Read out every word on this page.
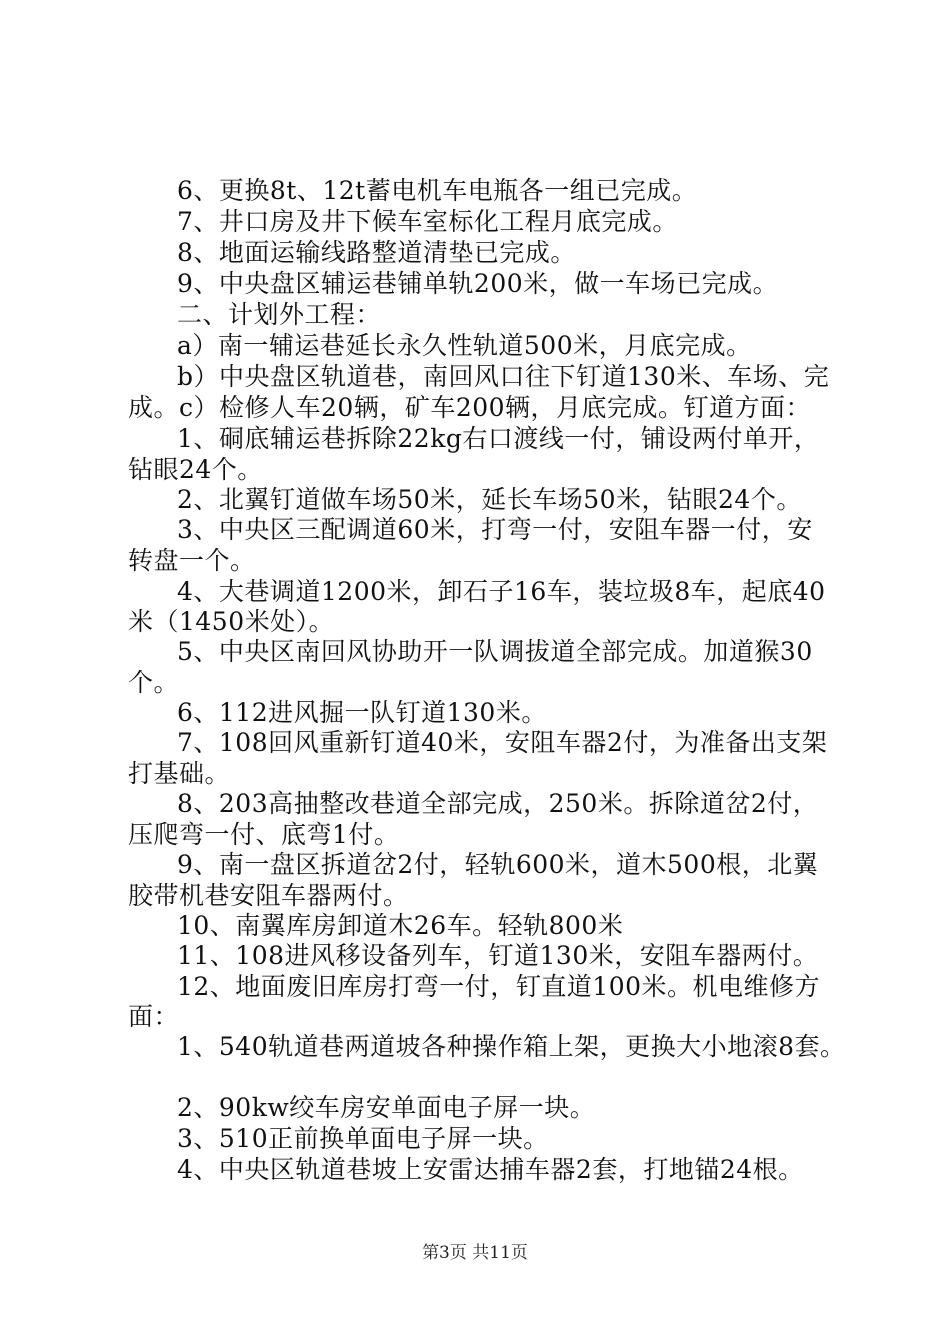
6、更换8t、12t蓄电机车电瓶各一组已完成。
7、井口房及井下候车室标化工程月底完成。
8、地面运输线路整道清垫已完成。
9、中央盘区辅运巷铺单轨200米，做一车场已完成。
二、计划外工程：
a）南一辅运巷延长永久性轨道500米，月底完成。
b）中央盘区轨道巷，南回风口往下钉道130米、车场、完
成。c）检修人车20辆，矿车200辆，月底完成。钉道方面：
1、硐底辅运巷拆除22kg右口渡线一付，铺设两付单开，
钻眼24个。
2、北翼钉道做车场50米，延长车场50米，钻眼24个。
3、中央区三配调道60米，打弯一付，安阻车器一付，安
转盘一个。
4、大巷调道1200米，卸石子16车，装垃圾8车，起底40
米（1450米处）。
5、中央区南回风协助开一队调拔道全部完成。加道猴30
个。
6、112进风掘一队钉道130米。
7、108回风重新钉道40米，安阻车器2付，为准备出支架
打基础。
8、203高抽整改巷道全部完成，250米。拆除道岔2付，
压爬弯一付、底弯1付。
9、南一盘区拆道岔2付，轻轨600米，道木500根，北翼
胶带机巷安阻车器两付。
10、南翼库房卸道木26车。轻轨800米
11、108进风移设备列车，钉道130米，安阻车器两付。
12、地面废旧库房打弯一付，钉直道100米。机电维修方
面：
1、540轨道巷两道坡各种操作箱上架，更换大小地滚8套。
2、90kw绞车房安单面电子屏一块。
3、510正前换单面电子屏一块。
4、中央区轨道巷坡上安雷达捕车器2套，打地锚24根。
第3页 共11页
